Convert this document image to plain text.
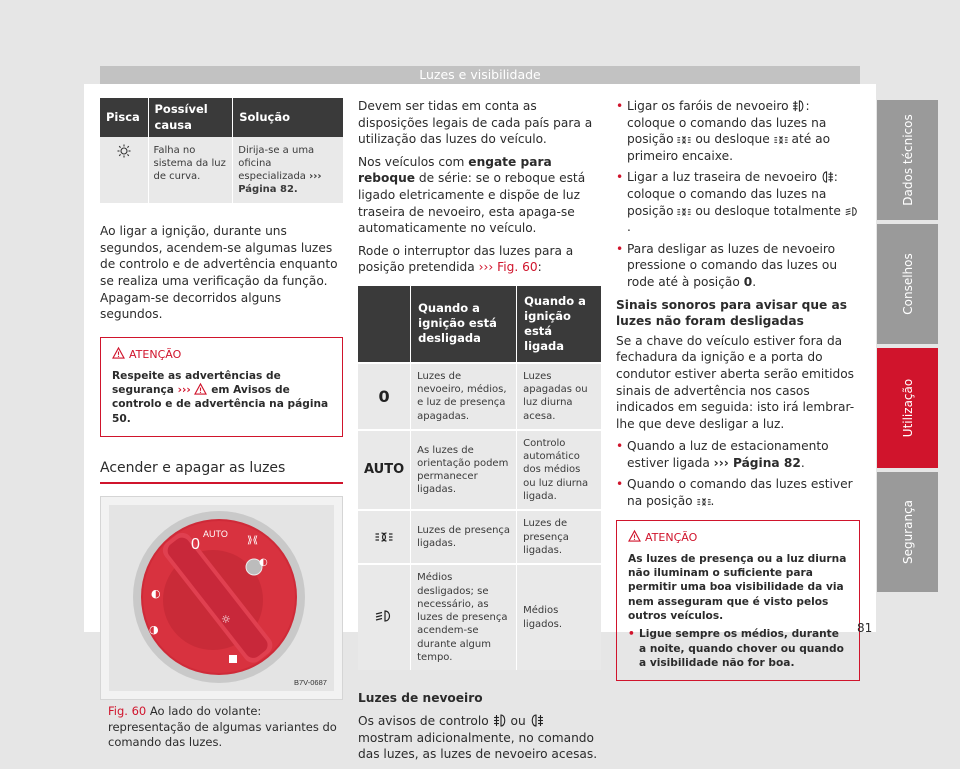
Luzes e visibilidade
Pisca	Possível causa	Solução
	Falha no sistema da luz de curva.	Dirija-se a uma oficina especializada ››› Página 82.

Ao ligar a ignição, durante uns segundos, acendem-se algumas luzes de controlo e de advertência enquanto se realiza uma verificação da função. Apagam-se decorridos alguns segundos.

ATENÇÃO

Respeite as advertências de segurança ››› em Avisos de controlo e de advertência na página 50.

Acender e apagar as luzes
0
AUTO
⟫⟪
◐
◐
◑
☼
B7V-0687

Fig. 60 Ao lado do volante: representação de algumas variantes do comando das luzes.

Devem ser tidas em conta as disposições legais de cada país para a utilização das luzes do veículo.

Nos veículos com engate para reboque de série: se o reboque está ligado eletricamente e dispõe de luz traseira de nevoeiro, esta apaga-se automaticamente no veículo.

Rode o interruptor das luzes para a posição pretendida ››› Fig. 60:

	Quando a ignição está desligada	Quando a ignição está ligada
0	Luzes de nevoeiro, médios, e luz de presença apagadas.	Luzes apagadas ou luz diurna acesa.
AUTO	As luzes de orientação podem permanecer ligadas.	Controlo automático dos médios ou luz diurna ligada.
	Luzes de presença ligadas.	Luzes de presença ligadas.
	Médios desligados; se necessário, as luzes de presença acendem-se durante algum tempo.	Médios ligados.

Luzes de nevoeiro

Os avisos de controlo ou  mostram adicionalmente, no comando das luzes, as luzes de nevoeiro acesas.

• Ligar os faróis de nevoeiro : coloque o comando das luzes na posição ou desloque até ao primeiro encaixe.
• Ligar a luz traseira de nevoeiro : coloque o comando das luzes na posição ou desloque totalmente .
• Para desligar as luzes de nevoeiro pressione o comando das luzes ou rode até à posição 0.

Sinais sonoros para avisar que as luzes não foram desligadas

Se a chave do veículo estiver fora da fechadura da ignição e a porta do condutor estiver aberta serão emitidos sinais de advertência nos casos indicados em seguida: isto irá lembrar-lhe que deve desligar a luz.

• Quando a luz de estacionamento estiver ligada ››› Página 82.
• Quando o comando das luzes estiver na posição .
ATENÇÃO

As luzes de presença ou a luz diurna não iluminam o suficiente para permitir uma boa visibilidade da via nem asseguram que é visto pelos outros veículos.

• Ligue sempre os médios, durante a noite, quando chover ou quando a visibilidade não for boa.
Dados técnicos
Conselhos
Utilização
Segurança
81
